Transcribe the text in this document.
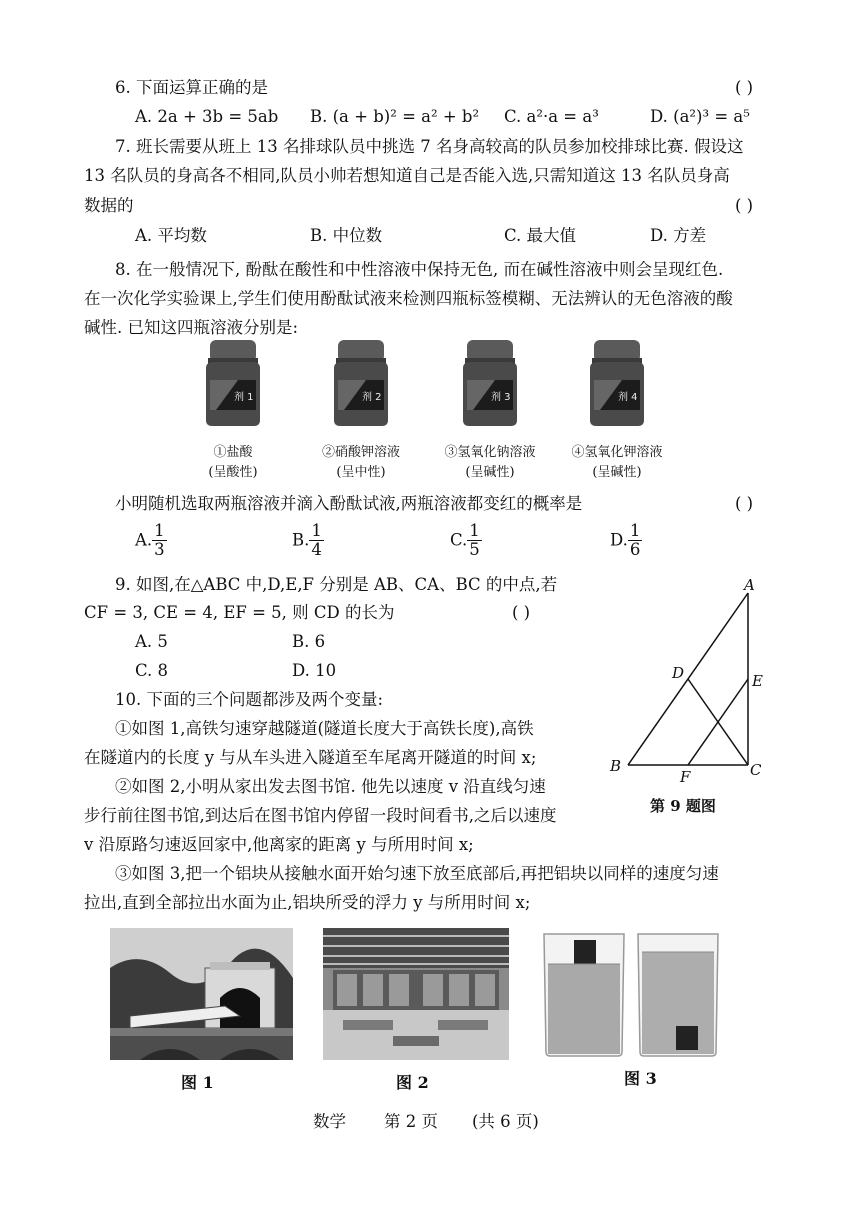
6. 下面运算正确的是	( )
A. 2a + 3b = 5ab B. (a + b)² = a² + b² C. a²·a = a³	D. (a²)³ = a⁵
7. 班长需要从班上 13 名排球队员中挑选 7 名身高较高的队员参加校排球比赛. 假设这
13 名队员的身高各不相同,队员小帅若想知道自己是否能入选,只需知道这 13 名队员身高
数据的	( )
A. 平均数	B. 中位数	C. 最大值	D. 方差
8. 在一般情况下, 酚酞在酸性和中性溶液中保持无色, 而在碱性溶液中则会呈现红色.
在一次化学实验课上,学生们使用酚酞试液来检测四瓶标签模糊、无法辨认的无色溶液的酸
碱性. 已知这四瓶溶液分别是:
剂 1
①盐酸
(呈酸性)
剂 2
②硝酸钾溶液
(呈中性)
剂 3
③氢氧化钠溶液
(呈碱性)
剂 4
④氢氧化钾溶液
(呈碱性)
小明随机选取两瓶溶液并滴入酚酞试液,两瓶溶液都变红的概率是	( )
A. $\frac{1}{3}$	B. $\frac{1}{4}$	C. $\frac{1}{5}$	D. $\frac{1}{6}$
9. 如图,在△ABC 中,D,E,F 分别是 AB、CA、BC 的中点,若
CF = 3, CE = 4, EF = 5, 则 CD 的长为	( )
A. 5	B. 6
C. 8	D. 10
A
B	C
D	E
F
第 9 题图
10. 下面的三个问题都涉及两个变量:
①如图 1,高铁匀速穿越隧道(隧道长度大于高铁长度),高铁
在隧道内的长度 y 与从车头进入隧道至车尾离开隧道的时间 x;
②如图 2,小明从家出发去图书馆. 他先以速度 v 沿直线匀速
步行前往图书馆,到达后在图书馆内停留一段时间看书,之后以速度
v 沿原路匀速返回家中,他离家的距离 y 与所用时间 x;
③如图 3,把一个铝块从接触水面开始匀速下放至底部后,再把铝块以同样的速度匀速
拉出,直到全部拉出水面为止,铝块所受的浮力 y 与所用时间 x;
图 1	图 2	图 3
数学 第 2 页 (共 6 页)
